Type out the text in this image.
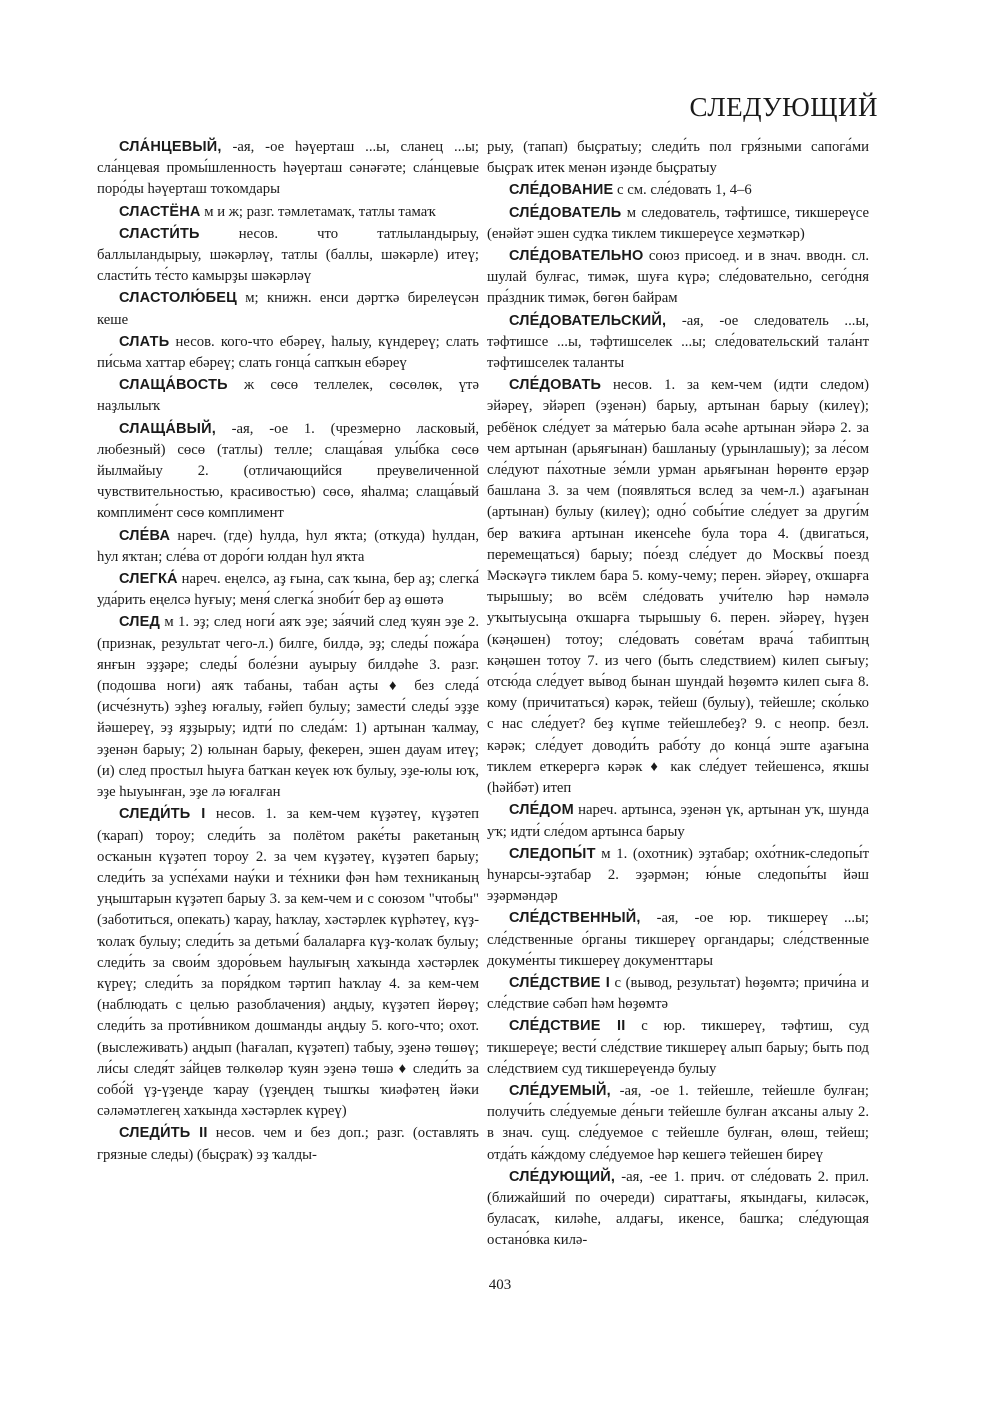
СЛЕДУЮЩИЙ

СЛА́НЦЕВЫЙ, -ая, -ое һәүерташ ...ы, сланец ...ы; сла́нцевая промы́шленность һәүерташ сәнәғәте; сла́нцевые поро́ды һәүерташ тоҡомдары

СЛАСТЁНА м и ж; разг. тәмлетамаҡ, татлы тамаҡ

СЛАСТИ́ТЬ несов. что татлыландырыу, баллыландырыу, шәкәрләү, татлы (баллы, шәкәрле) итеү; сласти́ть те́сто камырҙы шәкәрләү

СЛАСТОЛЮ́БЕЦ м; книжн. енси дәртҡә бирелеүсән кеше

СЛАТЬ несов. кого-что ебәреү, һалыу, күндереү; слать пи́сьма хаттар ебәреү; слать гонца́ сапҡын ебәреү

СЛАЩА́ВОСТЬ ж сөсө теллелек, сөсөлөк, үтә наҙлылыҡ

СЛАЩА́ВЫЙ, -ая, -ое 1. (чрезмерно ласковый, любезный) сөсө (татлы) телле; слаща́вая улы́бка сөсө йылмайыу 2. (отличающийся преувеличенной чувствительностью, красивостью) сөсө, яһалма; слаща́вый комплиме́нт сөсө комплимент

СЛЕ́ВА нареч. (где) һулда, һул яҡта; (откуда) һулдан, һул яҡтан; сле́ва от доро́ги юлдан һул яҡта

СЛЕГКА́ нареч. еңелсә, аҙ ғына, саҡ ҡына, бер аҙ; слегка́ уда́рить еңелсә һуғыу; меня́ слегка́ зноби́т бер аҙ өшөтә

СЛЕД м 1. эҙ; след ноги́ аяҡ эҙе; за́ячий след ҡуян эҙе 2. (признак, результат чего-л.) билге, билдә, эҙ; следы́ пожа́ра янғын эҙҙәре; следы́ боле́зни ауырыу билдәһе 3. разг. (подошва ноги) аяҡ табаны, табан аҫты ♦ без следа́ (исче́знуть) эҙһеҙ юғалыу, ғәйеп булыу; замести́ следы́ эҙҙе йәшереү, эҙ яҙҙырыу; идти́ по следа́м: 1) артынан ҡалмау, эҙенән барыу; 2) юлынан барыу, фекерен, эшен дауам итеү; (и) след простыл һыуға батҡан кеүек юҡ булыу, эҙе-юлы юҡ, эҙе һыуынған, эҙе лә юғалған

СЛЕДИ́ТЬ I несов. 1. за кем-чем күҙәтеү, күҙәтеп (ҡарап) тороу; следи́ть за полётом раке́ты ракетаның осҡанын күҙәтеп тороу 2. за чем күҙәтеү, күҙәтеп барыу; следи́ть за успе́хами нау́ки и те́хники фән һәм техниканың уңыштарын күҙәтеп барыу 3. за кем-чем и с союзом "чтобы" (заботиться, опекать) ҡарау, һаҡлау, хәстәрлек күрһәтеү, күҙ-ҡолаҡ булыу; следи́ть за детьми́ балаларға күҙ-ҡолаҡ булыу; следи́ть за свои́м здоро́вьем һаулығың хаҡында хәстәрлек күреү; следи́ть за поря́дком тәртип һаҡлау 4. за кем-чем (наблюдать с целью разоблачения) аңдыу, күҙәтеп йөрөү; следи́ть за проти́вником дошманды аңдыу 5. кого-что; охот. (выслеживать) аңдып (һағалап, күҙәтеп) табыу, эҙенә төшөү; ли́сы следя́т за́йцев төлкөләр ҡуян эҙенә төшә ♦ следи́ть за собо́й үҙ-үҙеңде ҡарау (үҙеңдең тышҡы ҡиәфәтең йәки сәләмәтлегең хаҡында хәстәрлек күреү)

СЛЕДИ́ТЬ II несов. чем и без доп.; разг. (оставлять грязные следы) (быҫраҡ) эҙ ҡалды-

рыу, (тапап) быҫратыу; следи́ть пол гря́зными сапога́ми быҫраҡ итек менән иҙәнде быҫратыу

СЛЕ́ДОВАНИЕ с см. сле́довать 1, 4–6

СЛЕ́ДОВАТЕЛЬ м следователь, тәфтишсе, тикшереүсе (енәйәт эшен судҡа тиклем тикшереүсе хеҙмәткәр)

СЛЕ́ДОВАТЕЛЬНО союз присоед. и в знач. вводн. сл. шулай булғас, тимәк, шуға күрә; сле́довательно, сего́дня пра́здник тимәк, бөгөн байрам

СЛЕ́ДОВАТЕЛЬСКИЙ, -ая, -ое следователь ...ы, тәфтишсе ...ы, тәфтишселек ...ы; сле́довательский тала́нт тәфтишселек таланты

СЛЕ́ДОВАТЬ несов. 1. за кем-чем (идти следом) эйәреү, эйәреп (эҙенән) барыу, артынан барыу (килеү); ребёнок сле́дует за ма́терью бала әсәһе артынан эйәрә 2. за чем артынан (арьяғынан) башланыу (урынлашыу); за ле́сом сле́дуют па́хотные зе́мли урман арьяғынан һөрөнтө ерҙәр башлана 3. за чем (появляться вслед за чем-л.) аҙағынан (артынан) булыу (килеү); одно́ собы́тие сле́дует за други́м бер ваҡиға артынан икенсеһе була тора 4. (двигаться, перемещаться) барыу; по́езд сле́дует до Москвы́ поезд Мәскәүгә тиклем бара 5. кому-чему; перен. эйәреү, оҡшарға тырышыу; во всём сле́довать учи́телю һәр нәмәлә уҡытыусыңа оҡшарға тырышыу 6. перен. эйәреү, һүҙен (кәңәшен) тотоу; сле́довать сове́там врача́ табиптың кәңәшен тотоу 7. из чего (быть следствием) килеп сығыу; отсю́да сле́дует вы́вод бынан шундай һөҙөмтә килеп сыға 8. кому (причитаться) кәрәк, тейеш (булыу), тейешле; ско́лько с нас сле́дует? беҙ күпме тейешлебеҙ? 9. с неопр. безл. кәрәк; сле́дует доводи́ть рабо́ту до конца́ эште аҙағына тиклем еткерергә кәрәк ♦ как сле́дует тейешенсә, яҡшы (һәйбәт) итеп

СЛЕ́ДОМ нареч. артынса, эҙенән үк, артынан уҡ, шунда уҡ; идти́ сле́дом артынса барыу

СЛЕДОПЫ́Т м 1. (охотник) эҙтабар; охо́тник-следопы́т һунарсы-эҙтабар 2. эҙәрмән; ю́ные следопы́ты йәш эҙәрмәндәр

СЛЕ́ДСТВЕННЫЙ, -ая, -ое юр. тикшереү ...ы; сле́дственные о́рганы тикшереү органдары; сле́дственные докуме́нты тикшереү документтары

СЛЕ́ДСТВИЕ I с (вывод, результат) һөҙөмтә; причи́на и сле́дствие сәбәп һәм һөҙөмтә

СЛЕ́ДСТВИЕ II с юр. тикшереү, тәфтиш, суд тикшереүе; вести́ сле́дствие тикшереү алып барыу; быть под сле́дствием суд тикшереүендә булыу

СЛЕ́ДУЕМЫЙ, -ая, -ое 1. тейешле, тейешле булған; получи́ть сле́дуемые де́ньги тейешле булған аҡсаны алыу 2. в знач. сущ. сле́дуемое с тейешле булған, өлөш, тейеш; отда́ть ка́ждому сле́дуемое һәр кешегә тейешен биреү

СЛЕ́ДУЮЩИЙ, -ая, -ее 1. прич. от сле́довать 2. прил. (ближайший по очереди) сираттағы, яҡындағы, киләсәк, буласаҡ, киләһе, алдағы, икенсе, башҡа; сле́дующая остано́вка килә-

403
